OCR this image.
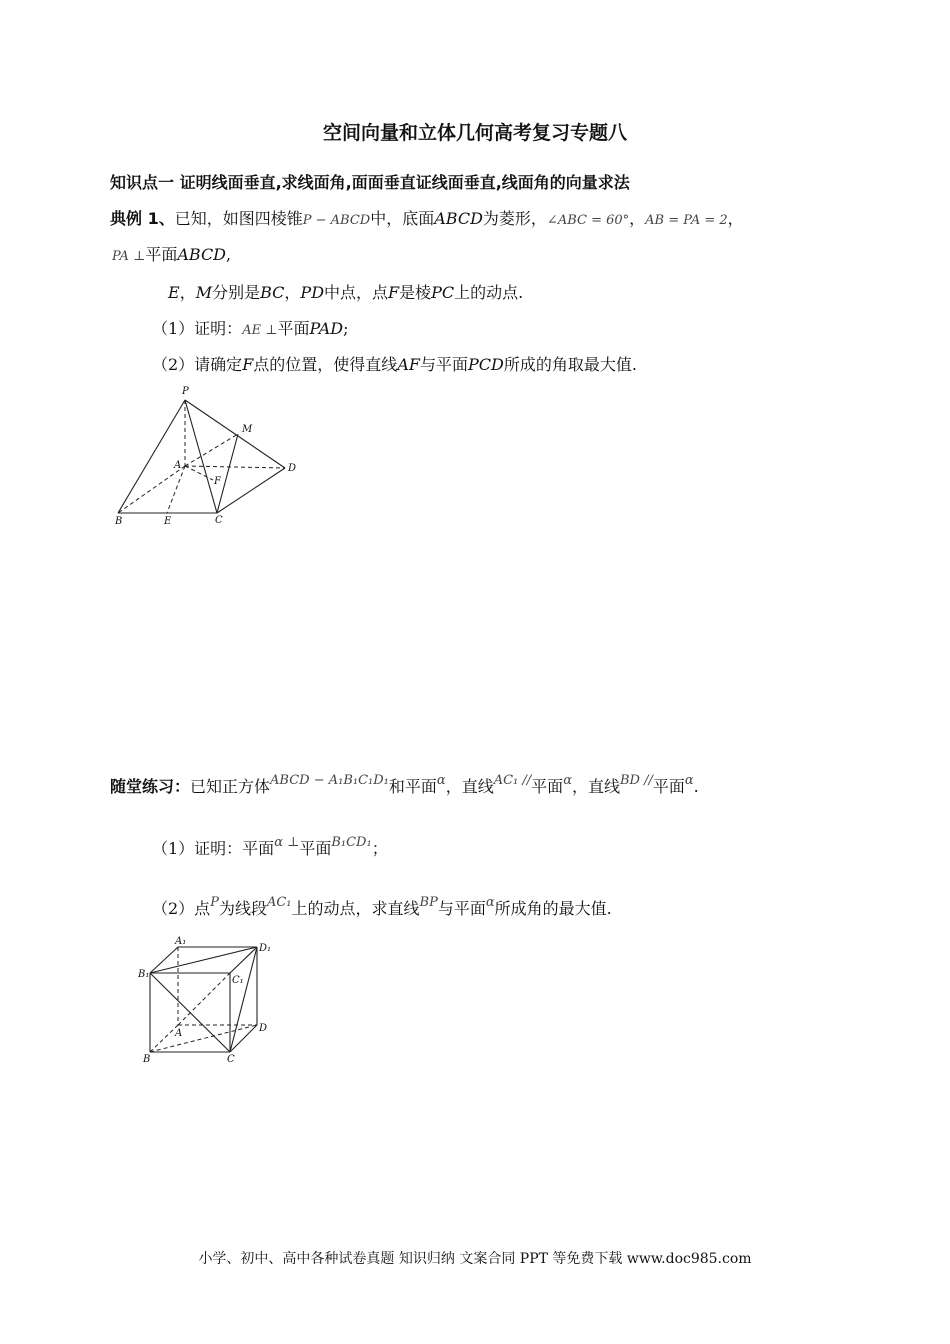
空间向量和立体几何高考复习专题八
知识点一 证明线面垂直,求线面角,面面垂直证线面垂直,线面角的向量求法
典例 1、已知，如图四棱锥P − ABCD中，底面ABCD为菱形，∠ABC = 60°，AB = PA = 2，
PA ⊥平面ABCD,
E，M分别是BC，PD中点，点F是棱PC上的动点.
（1）证明：AE ⊥平面PAD;
（2）请确定F点的位置，使得直线AF与平面PCD所成的角取最大值.
P
M
A	D
F
B	E	C
随堂练习：已知正方体$^{ABCD - A_1B_1C_1D_1}$和平面$^\alpha$，直线$^{AC_1 //}$平面$^\alpha$，直线$^{BD //}$平面$^\alpha$.
（1）证明：平面$^{\alpha \perp}$平面$^{B_1CD_1}$；
（2）点$^P$为线段$^{AC_1}$上的动点，求直线$^{BP}$与平面$^\alpha$所成角的最大值.
A₁
D₁
B₁
C₁
A	D
B	C
小学、初中、高中各种试卷真题 知识归纳 文案合同 PPT 等免费下载 www.doc985.com
